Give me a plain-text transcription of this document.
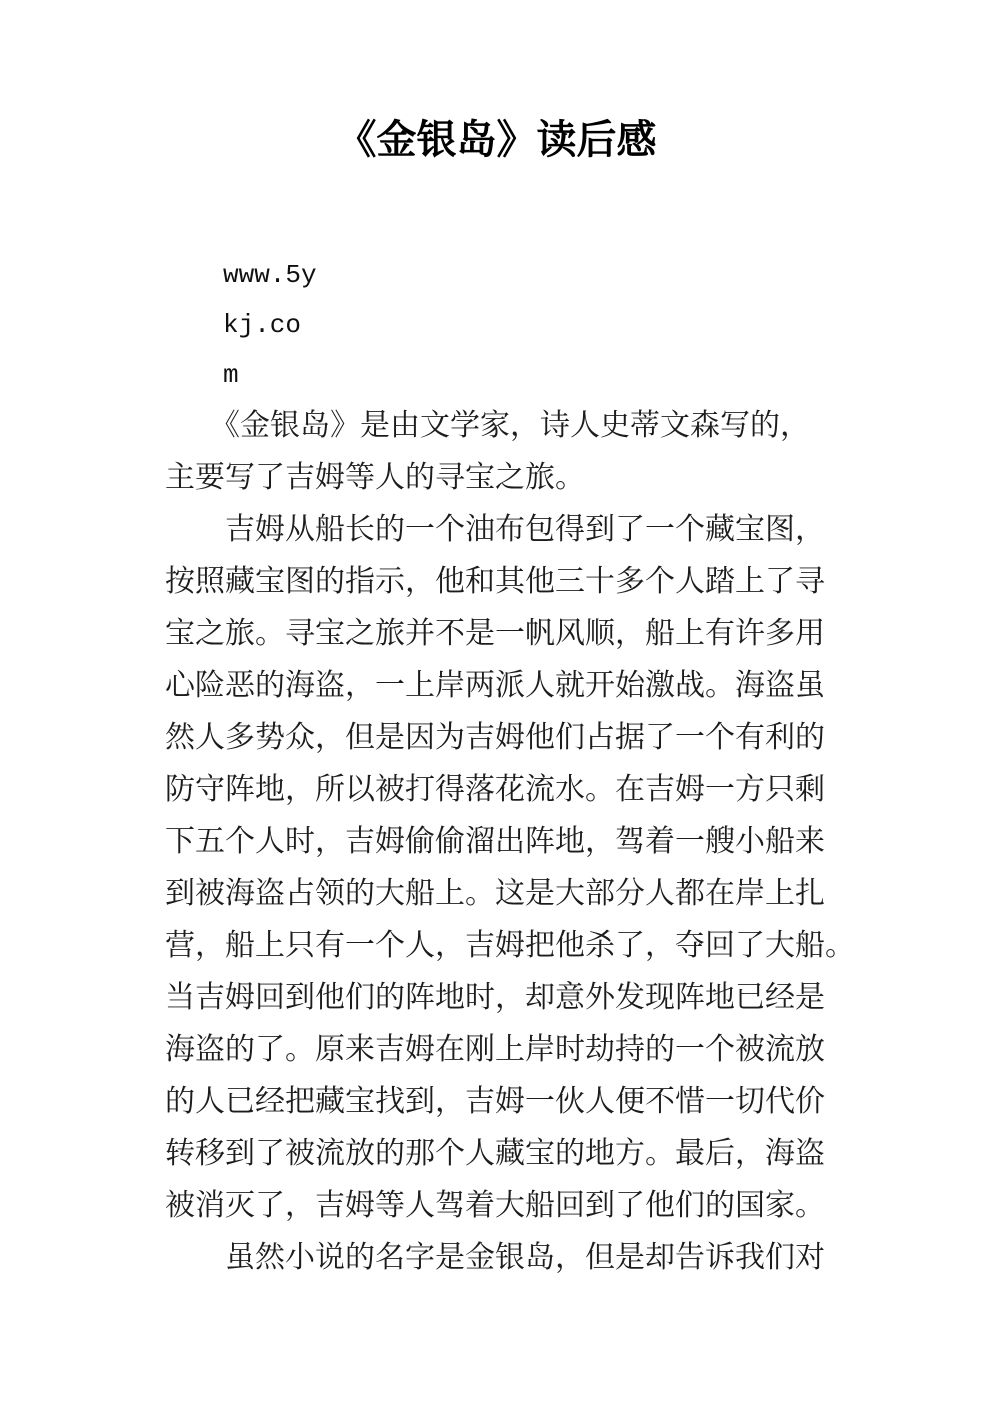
《金银岛》读后感
www.5y
kj.co
m
　　《金银岛》是由文学家，诗人史蒂文森写的，
主要写了吉姆等人的寻宝之旅。
　　吉姆从船长的一个油布包得到了一个藏宝图，
按照藏宝图的指示，他和其他三十多个人踏上了寻
宝之旅。寻宝之旅并不是一帆风顺，船上有许多用
心险恶的海盗，一上岸两派人就开始激战。海盗虽
然人多势众，但是因为吉姆他们占据了一个有利的
防守阵地，所以被打得落花流水。在吉姆一方只剩
下五个人时，吉姆偷偷溜出阵地，驾着一艘小船来
到被海盗占领的大船上。这是大部分人都在岸上扎
营，船上只有一个人，吉姆把他杀了，夺回了大船。
当吉姆回到他们的阵地时，却意外发现阵地已经是
海盗的了。原来吉姆在刚上岸时劫持的一个被流放
的人已经把藏宝找到，吉姆一伙人便不惜一切代价
转移到了被流放的那个人藏宝的地方。最后，海盗
被消灭了，吉姆等人驾着大船回到了他们的国家。
　　虽然小说的名字是金银岛，但是却告诉我们对
